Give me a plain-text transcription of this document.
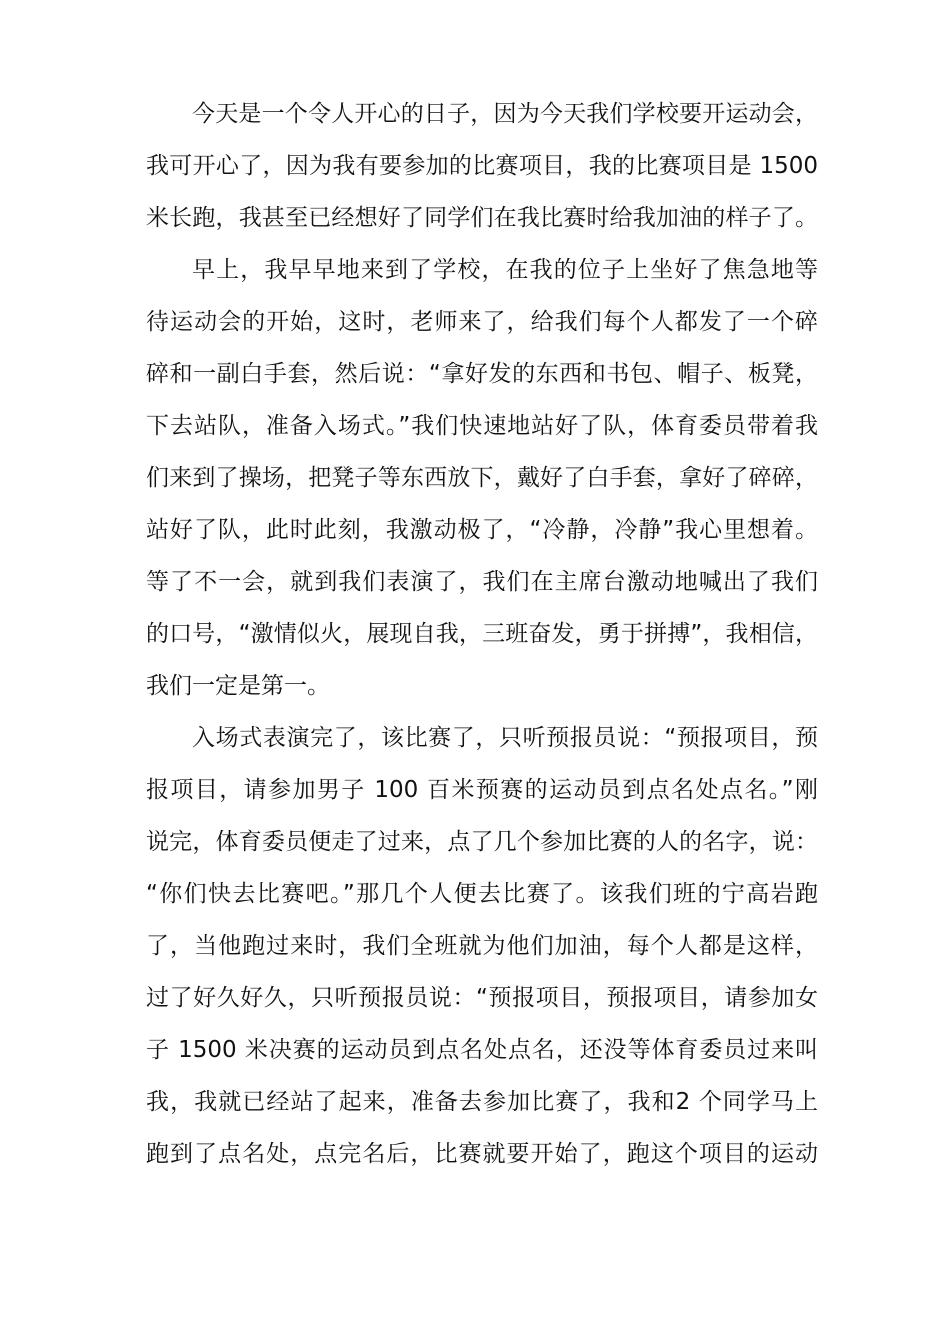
今天是一个令人开心的日子，因为今天我们学校要开运动会，
我可开心了，因为我有要参加的比赛项目，我的比赛项目是 1500
米长跑，我甚至已经想好了同学们在我比赛时给我加油的样子了。
早上，我早早地来到了学校，在我的位子上坐好了焦急地等
待运动会的开始，这时，老师来了，给我们每个人都发了一个碎
碎和一副白手套，然后说：“拿好发的东西和书包、帽子、板凳，
下去站队，准备入场式。”我们快速地站好了队，体育委员带着我
们来到了操场，把凳子等东西放下，戴好了白手套，拿好了碎碎，
站好了队，此时此刻，我激动极了，“冷静，冷静”我心里想着。
等了不一会，就到我们表演了，我们在主席台激动地喊出了我们
的口号，“激情似火，展现自我，三班奋发，勇于拼搏”，我相信，
我们一定是第一。
入场式表演完了，该比赛了，只听预报员说：“预报项目，预
报项目，请参加男子 100 百米预赛的运动员到点名处点名。”刚
说完，体育委员便走了过来，点了几个参加比赛的人的名字，说：
“你们快去比赛吧。”那几个人便去比赛了。该我们班的宁高岩跑
了，当他跑过来时，我们全班就为他们加油，每个人都是这样，
过了好久好久，只听预报员说：“预报项目，预报项目，请参加女
子 1500 米决赛的运动员到点名处点名，还没等体育委员过来叫
我，我就已经站了起来，准备去参加比赛了，我和2 个同学马上
跑到了点名处，点完名后，比赛就要开始了，跑这个项目的运动
